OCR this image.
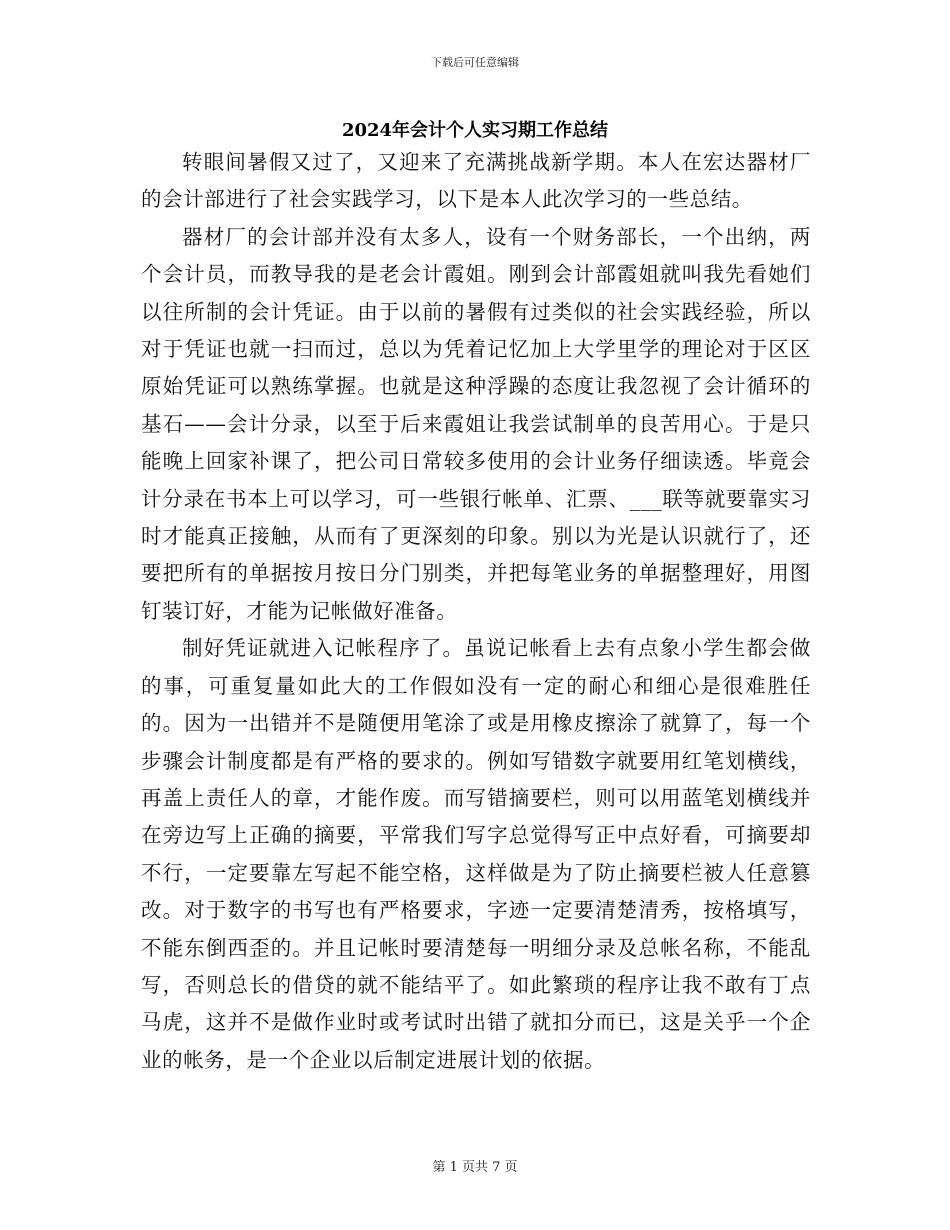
下载后可任意编辑
2024年会计个人实习期工作总结

转眼间暑假又过了，又迎来了充满挑战新学期。本人在宏达器材厂的会计部进行了社会实践学习，以下是本人此次学习的一些总结。

器材厂的会计部并没有太多人，设有一个财务部长，一个出纳，两个会计员，而教导我的是老会计霞姐。刚到会计部霞姐就叫我先看她们以往所制的会计凭证。由于以前的暑假有过类似的社会实践经验，所以对于凭证也就一扫而过，总以为凭着记忆加上大学里学的理论对于区区原始凭证可以熟练掌握。也就是这种浮躁的态度让我忽视了会计循环的基石——会计分录，以至于后来霞姐让我尝试制单的良苦用心。于是只能晚上回家补课了，把公司日常较多使用的会计业务仔细读透。毕竟会计分录在书本上可以学习，可一些银行帐单、汇票、___联等就要靠实习时才能真正接触，从而有了更深刻的印象。别以为光是认识就行了，还要把所有的单据按月按日分门别类，并把每笔业务的单据整理好，用图钉装订好，才能为记帐做好准备。

制好凭证就进入记帐程序了。虽说记帐看上去有点象小学生都会做的事，可重复量如此大的工作假如没有一定的耐心和细心是很难胜任的。因为一出错并不是随便用笔涂了或是用橡皮擦涂了就算了，每一个步骤会计制度都是有严格的要求的。例如写错数字就要用红笔划横线，再盖上责任人的章，才能作废。而写错摘要栏，则可以用蓝笔划横线并在旁边写上正确的摘要，平常我们写字总觉得写正中点好看，可摘要却不行，一定要靠左写起不能空格，这样做是为了防止摘要栏被人任意篡改。对于数字的书写也有严格要求，字迹一定要清楚清秀，按格填写，不能东倒西歪的。并且记帐时要清楚每一明细分录及总帐名称，不能乱写，否则总长的借贷的就不能结平了。如此繁琐的程序让我不敢有丁点马虎，这并不是做作业时或考试时出错了就扣分而已，这是关乎一个企业的帐务，是一个企业以后制定进展计划的依据。

第 1 页共 7 页
